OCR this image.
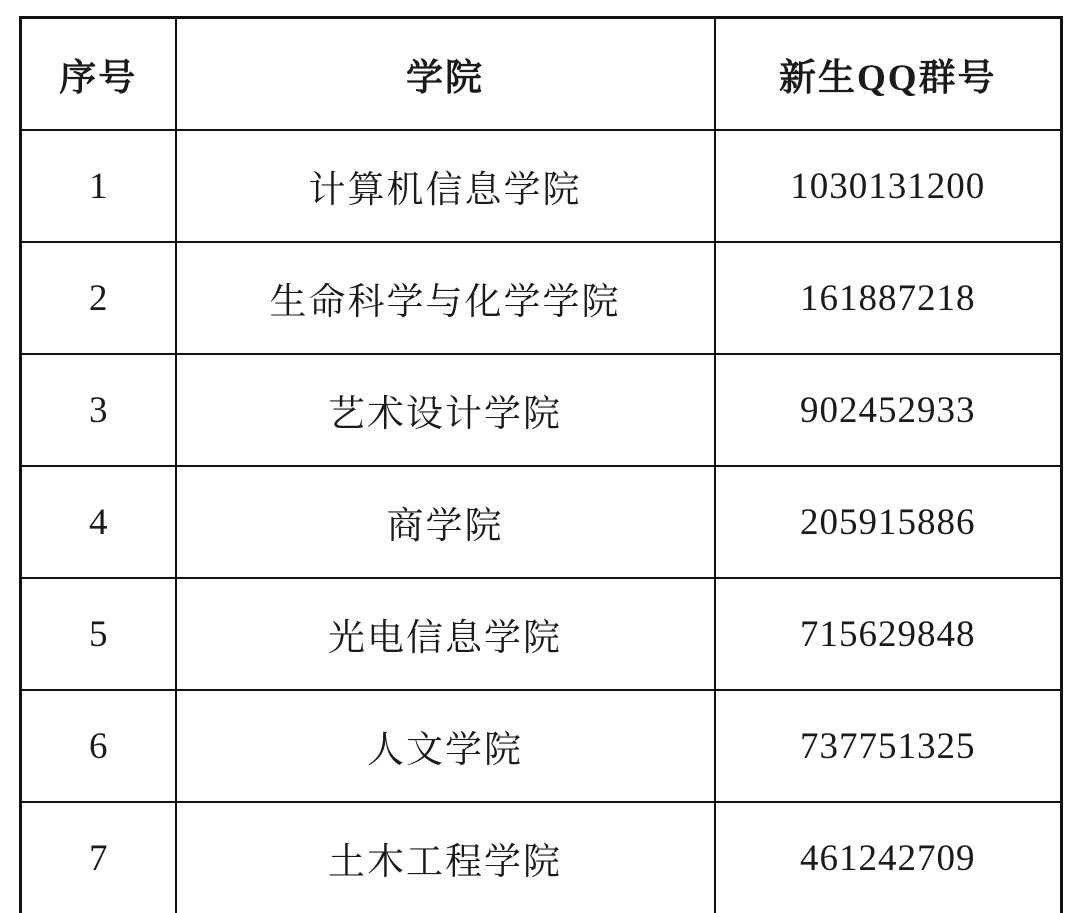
序号	学院	新生QQ群号
1	计算机信息学院	1030131200
2	生命科学与化学学院	161887218
3	艺术设计学院	902452933
4	商学院	205915886
5	光电信息学院	715629848
6	人文学院	737751325
7	土木工程学院	461242709
